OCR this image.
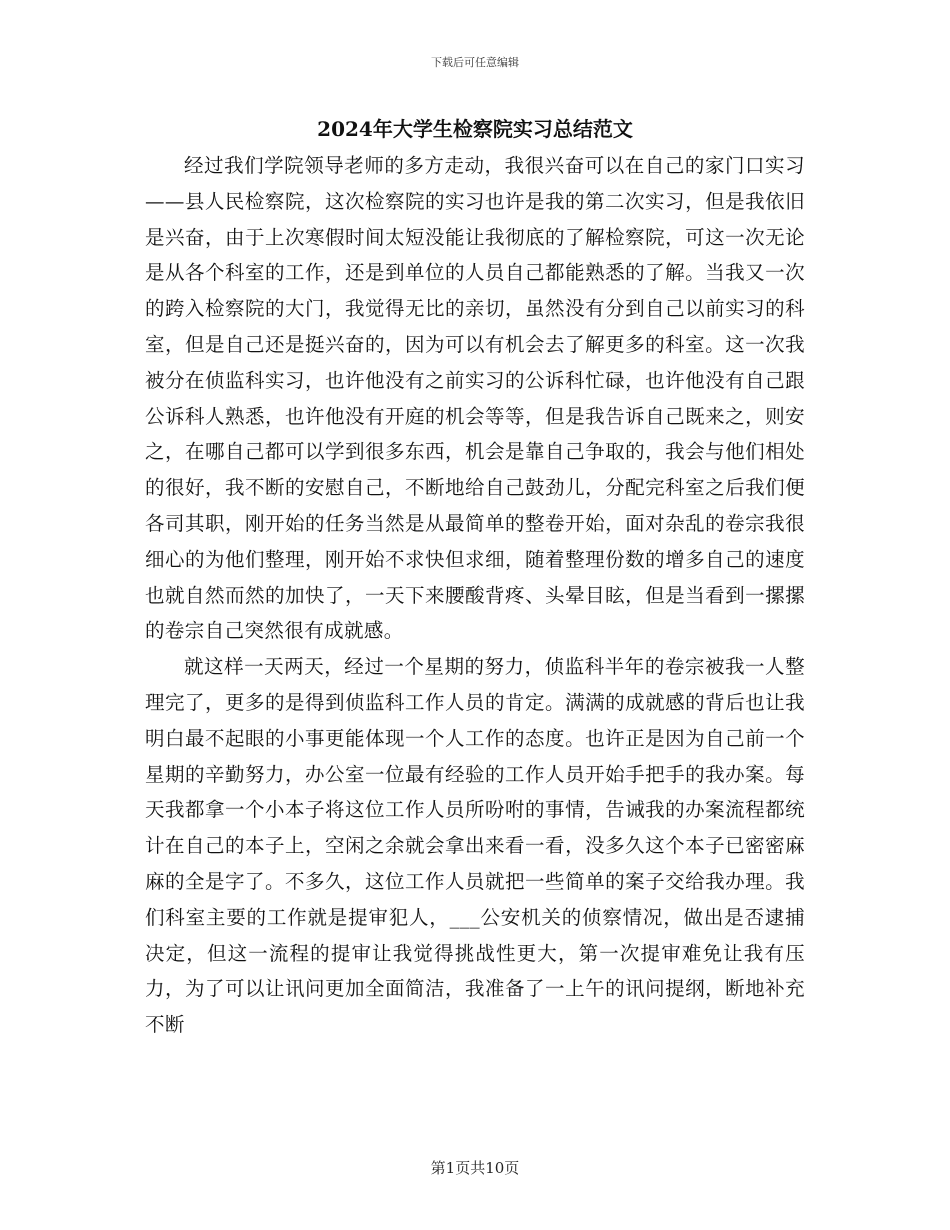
下载后可任意编辑
2024年大学生检察院实习总结范文

经过我们学院领导老师的多方走动，我很兴奋可以在自己的家门口实习——县人民检察院，这次检察院的实习也许是我的第二次实习，但是我依旧是兴奋，由于上次寒假时间太短没能让我彻底的了解检察院，可这一次无论是从各个科室的工作，还是到单位的人员自己都能熟悉的了解。当我又一次的跨入检察院的大门，我觉得无比的亲切，虽然没有分到自己以前实习的科室，但是自己还是挺兴奋的，因为可以有机会去了解更多的科室。这一次我被分在侦监科实习，也许他没有之前实习的公诉科忙碌，也许他没有自己跟公诉科人熟悉，也许他没有开庭的机会等等，但是我告诉自己既来之，则安之，在哪自己都可以学到很多东西，机会是靠自己争取的，我会与他们相处的很好，我不断的安慰自己，不断地给自己鼓劲儿，分配完科室之后我们便各司其职，刚开始的任务当然是从最简单的整卷开始，面对杂乱的卷宗我很细心的为他们整理，刚开始不求快但求细，随着整理份数的增多自己的速度也就自然而然的加快了，一天下来腰酸背疼、头晕目眩，但是当看到一摞摞的卷宗自己突然很有成就感。

就这样一天两天，经过一个星期的努力，侦监科半年的卷宗被我一人整理完了，更多的是得到侦监科工作人员的肯定。满满的成就感的背后也让我明白最不起眼的小事更能体现一个人工作的态度。也许正是因为自己前一个星期的辛勤努力，办公室一位最有经验的工作人员开始手把手的我办案。每天我都拿一个小本子将这位工作人员所吩咐的事情，告诫我的办案流程都统计在自己的本子上，空闲之余就会拿出来看一看，没多久这个本子已密密麻麻的全是字了。不多久，这位工作人员就把一些简单的案子交给我办理。我们科室主要的工作就是提审犯人，___公安机关的侦察情况，做出是否逮捕决定，但这一流程的提审让我觉得挑战性更大，第一次提审难免让我有压力，为了可以让讯问更加全面简洁，我准备了一上午的讯问提纲，断地补充不断

第1页共10页
